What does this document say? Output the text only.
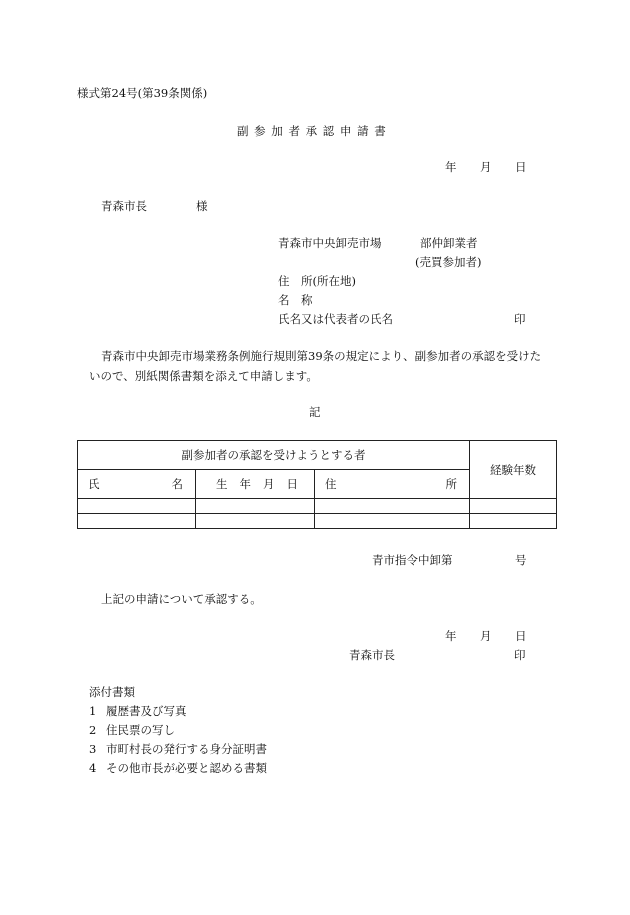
様式第24号(第39条関係)
副 参 加 者 承 認 申 請 書
年 月 日
青森市長	様
青森市中央卸売市場	部仲卸業者
(売買参加者)
住　所(所在地)
名　称
氏名又は代表者の氏名	印
青森市中央卸売市場業務条例施行規則第39条の規定により、副参加者の承認を受けた
いので、別紙関係書類を添えて申請します。
記
副参加者の承認を受けようとする者			経験年数

氏 名	生 年 月 日	住 所	

青市指令中卸第	号
上記の申請について承認する。
年 月 日
青森市長	印
添付書類
1 履歴書及び写真
2 住民票の写し
3 市町村長の発行する身分証明書
4 その他市長が必要と認める書類
